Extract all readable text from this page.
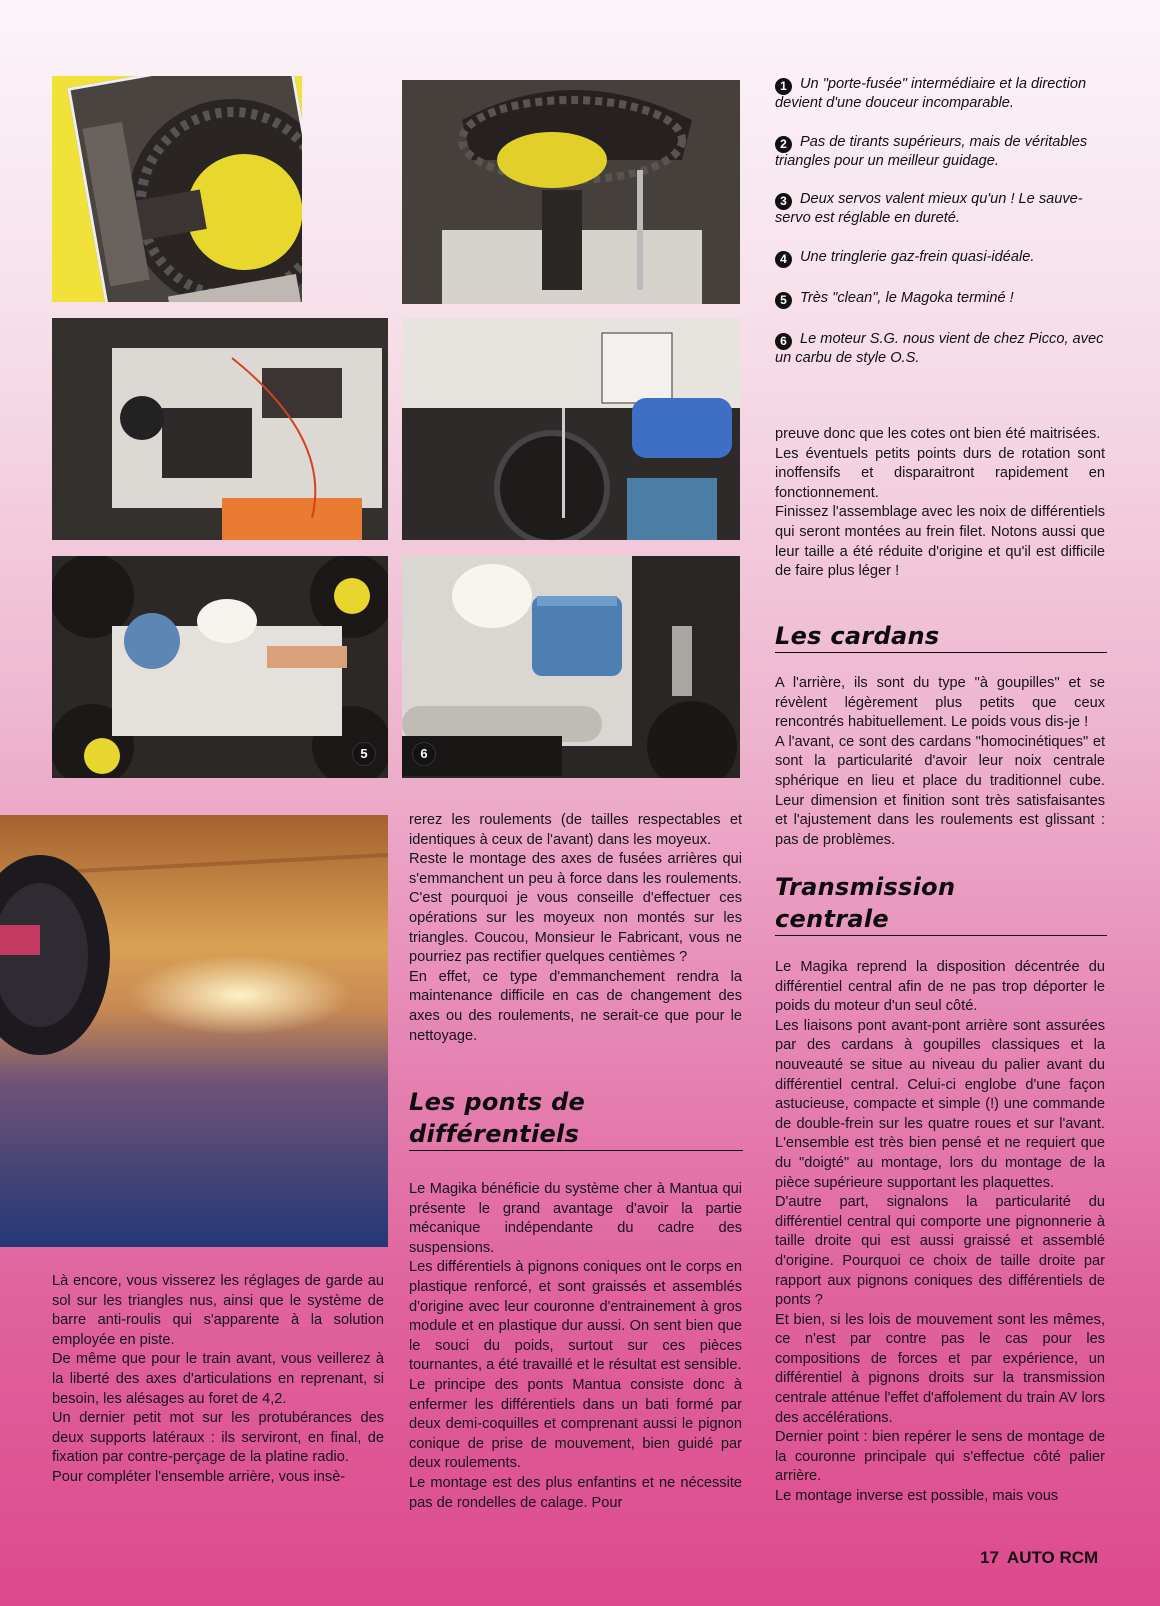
5	6

1 Un "porte-fusée" intermédiaire et la direction devient d'une douceur incomparable.

2 Pas de tirants supérieurs, mais de véritables triangles pour un meilleur guidage.

3 Deux servos valent mieux qu'un ! Le sauve-servo est réglable en dureté.

4 Une tringlerie gaz-frein quasi-idéale.

5 Très "clean", le Magoka terminé !

6 Le moteur S.G. nous vient de chez Picco, avec un carbu de style O.S.

Là encore, vous visserez les réglages de garde au sol sur les triangles nus, ainsi que le système de barre anti-roulis qui s'apparente à la solution employée en piste.

De même que pour le train avant, vous veillerez à la liberté des axes d'articulations en reprenant, si besoin, les alésages au foret de 4,2.

Un dernier petit mot sur les protubérances des deux supports latéraux : ils serviront, en final, de fixation par contre-perçage de la platine radio.

Pour compléter l'ensemble arrière, vous insè-

rerez les roulements (de tailles respectables et identiques à ceux de l'avant) dans les moyeux.

Reste le montage des axes de fusées arrières qui s'emmanchent un peu à force dans les roulements. C'est pourquoi je vous conseille d'effectuer ces opérations sur les moyeux non montés sur les triangles. Coucou, Monsieur le Fabricant, vous ne pourriez pas rectifier quelques centièmes ?

En effet, ce type d'emmanchement rendra la maintenance difficile en cas de changement des axes ou des roulements, ne serait-ce que pour le nettoyage.

Les ponts de
différentiels

Le Magika bénéficie du système cher à Mantua qui présente le grand avantage d'avoir la partie mécanique indépendante du cadre des suspensions.

Les différentiels à pignons coniques ont le corps en plastique renforcé, et sont graissés et assemblés d'origine avec leur couronne d'entrainement à gros module et en plastique dur aussi. On sent bien que le souci du poids, surtout sur ces pièces tournantes, a été travaillé et le résultat est sensible.

Le principe des ponts Mantua consiste donc à enfermer les différentiels dans un bati formé par deux demi-coquilles et comprenant aussi le pignon conique de prise de mouvement, bien guidé par deux roulements.

Le montage est des plus enfantins et ne nécessite pas de rondelles de calage. Pour

preuve donc que les cotes ont bien été maitrisées.

Les éventuels petits points durs de rotation sont inoffensifs et disparaitront rapidement en fonctionnement.

Finissez l'assemblage avec les noix de différentiels qui seront montées au frein filet. Notons aussi que leur taille a été réduite d'origine et qu'il est difficile de faire plus léger !

Les cardans

A l'arrière, ils sont du type "à goupilles" et se révèlent légèrement plus petits que ceux rencontrés habituellement. Le poids vous dis-je !

A l'avant, ce sont des cardans "homocinétiques" et sont la particularité d'avoir leur noix centrale sphérique en lieu et place du traditionnel cube. Leur dimension et finition sont très satisfaisantes et l'ajustement dans les roulements est glissant : pas de problèmes.

Transmission
centrale

Le Magika reprend la disposition décentrée du différentiel central afin de ne pas trop déporter le poids du moteur d'un seul côté.

Les liaisons pont avant-pont arrière sont assurées par des cardans à goupilles classiques et la nouveauté se situe au niveau du palier avant du différentiel central. Celui-ci englobe d'une façon astucieuse, compacte et simple (!) une commande de double-frein sur les quatre roues et sur l'avant. L'ensemble est très bien pensé et ne requiert que du "doigté" au montage, lors du montage de la pièce supérieure supportant les plaquettes.

D'autre part, signalons la particularité du différentiel central qui comporte une pignonnerie à taille droite qui est aussi graissé et assemblé d'origine. Pourquoi ce choix de taille droite par rapport aux pignons coniques des différentiels de ponts ?

Et bien, si les lois de mouvement sont les mêmes, ce n'est par contre pas le cas pour les compositions de forces et par expérience, un différentiel à pignons droits sur la transmission centrale atténue l'effet d'affolement du train AV lors des accélérations.

Dernier point : bien repérer le sens de montage de la couronne principale qui s'effectue côté palier arrière.

Le montage inverse est possible, mais vous

17 AUTO RCM
